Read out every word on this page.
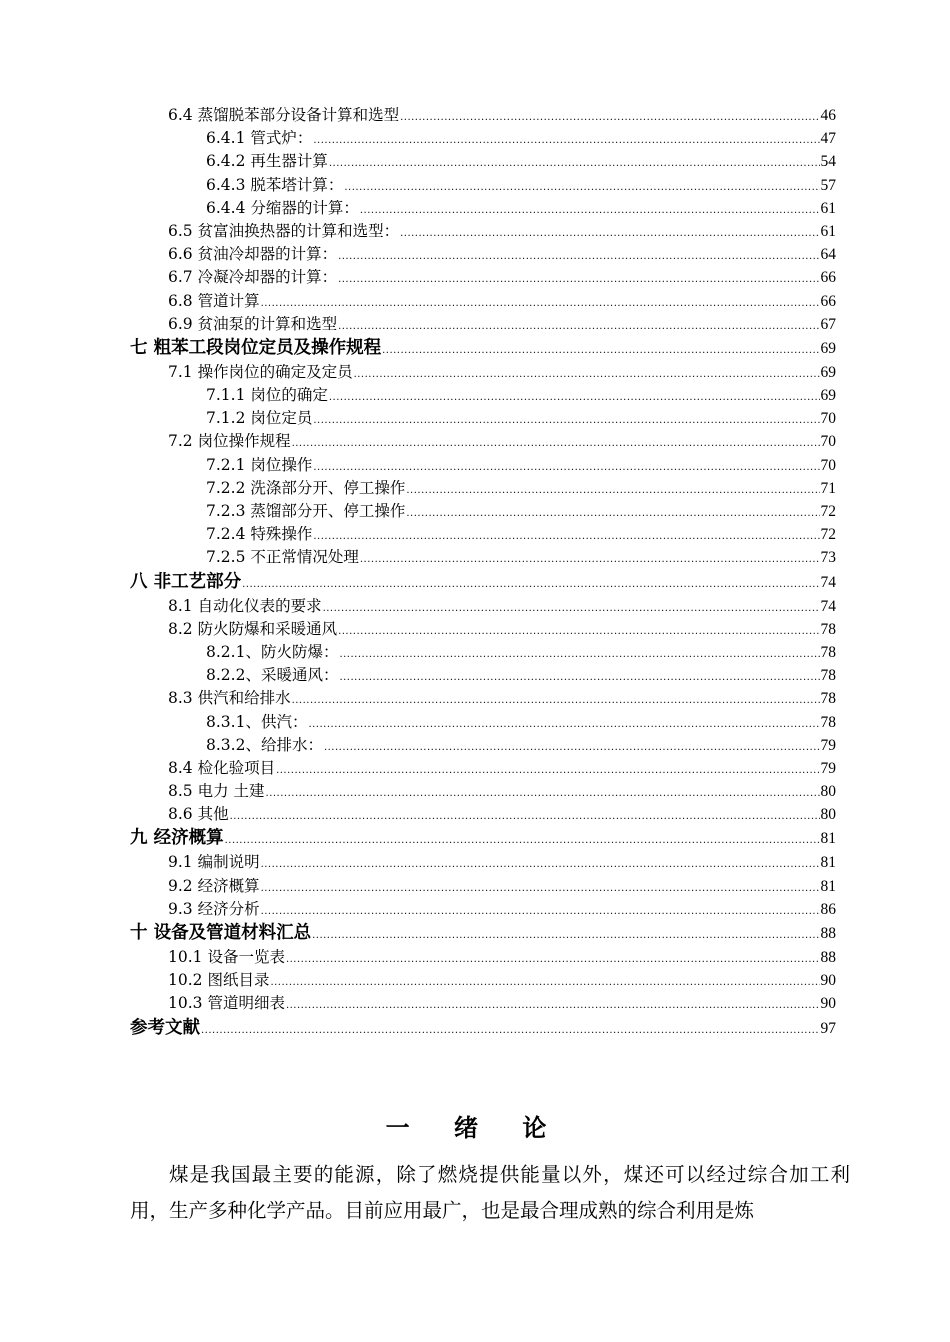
6.4 蒸馏脱苯部分设备计算和选型 .....	46
6.4.1 管式炉： .....	47
6.4.2 再生器计算 .....	54
6.4.3 脱苯塔计算： .....	57
6.4.4 分缩器的计算： .....	61
6.5 贫富油换热器的计算和选型： .....	61
6.6 贫油冷却器的计算： .....	64
6.7 冷凝冷却器的计算： .....	66
6.8 管道计算 .....	66
6.9 贫油泵的计算和选型 .....	67
七 粗苯工段岗位定员及操作规程 .....	69
7.1 操作岗位的确定及定员 .....	69
7.1.1 岗位的确定 .....	69
7.1.2 岗位定员 .....	70
7.2 岗位操作规程 .....	70
7.2.1 岗位操作 .....	70
7.2.2 洗涤部分开、停工操作 .....	71
7.2.3 蒸馏部分开、停工操作 .....	72
7.2.4 特殊操作 .....	72
7.2.5 不正常情况处理 .....	73
八 非工艺部分 .....	74
8.1 自动化仪表的要求 .....	74
8.2 防火防爆和采暖通风 .....	78
8.2.1、防火防爆： .....	78
8.2.2、采暖通风： .....	78
8.3 供汽和给排水 .....	78
8.3.1、供汽： .....	78
8.3.2、给排水： .....	79
8.4 检化验项目 .....	79
8.5 电力 土建 .....	80
8.6 其他 .....	80
九 经济概算 .....	81
9.1 编制说明 .....	81
9.2 经济概算 .....	81
9.3 经济分析 .....	86
十 设备及管道材料汇总 .....	88
10.1 设备一览表 .....	88
10.2 图纸目录 .....	90
10.3 管道明细表 .....	90
参考文献 .....	97
一 绪 论
煤是我国最主要的能源，除了燃烧提供能量以外，煤还可以经过综合加工利用，生产多种化学产品。目前应用最广，也是最合理成熟的综合利用是炼
